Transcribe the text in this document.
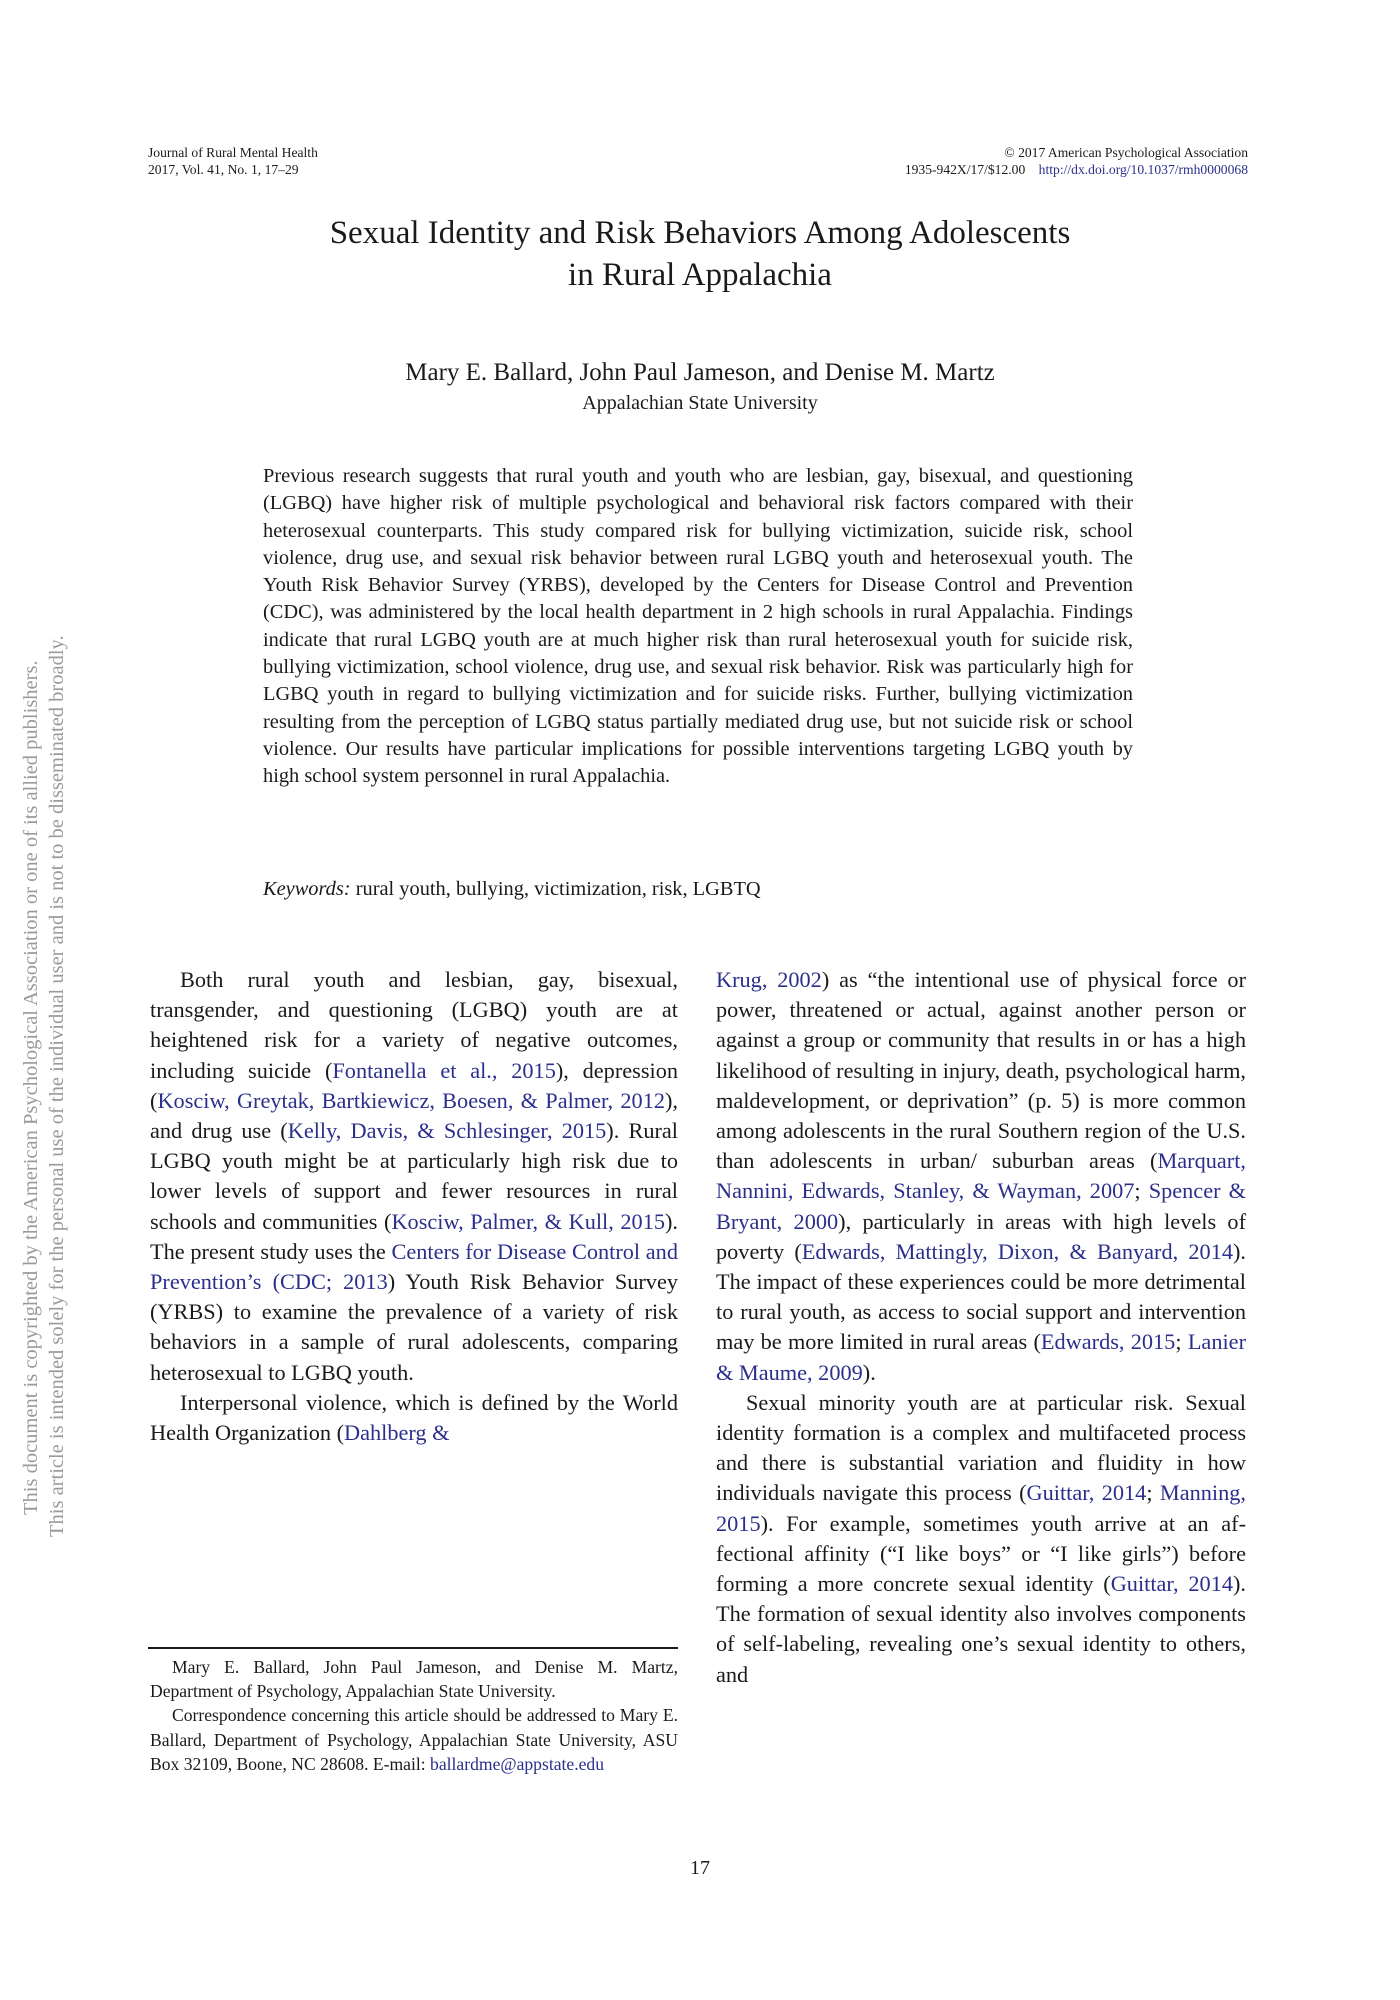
This document is copyrighted by the American Psychological Association or one of its allied publishers. This article is intended solely for the personal use of the individual user and is not to be disseminated broadly.
Journal of Rural Mental Health
2017, Vol. 41, No. 1, 17–29
© 2017 American Psychological Association
1935-942X/17/$12.00 http://dx.doi.org/10.1037/rmh0000068
Sexual Identity and Risk Behaviors Among Adolescents
in Rural Appalachia
Mary E. Ballard, John Paul Jameson, and Denise M. Martz
Appalachian State University
Previous research suggests that rural youth and youth who are lesbian, gay, bisexual, and questioning (LGBQ) have higher risk of multiple psychological and behavioral risk factors compared with their heterosexual counterparts. This study compared risk for bullying victimization, suicide risk, school violence, drug use, and sexual risk behavior between rural LGBQ youth and heterosexual youth. The Youth Risk Behavior Survey (YRBS), developed by the Centers for Disease Control and Prevention (CDC), was administered by the local health department in 2 high schools in rural Appalachia. Findings indicate that rural LGBQ youth are at much higher risk than rural heterosexual youth for suicide risk, bullying victimization, school violence, drug use, and sexual risk behavior. Risk was particularly high for LGBQ youth in regard to bullying victimization and for suicide risks. Further, bullying victimization resulting from the perception of LGBQ status partially mediated drug use, but not suicide risk or school violence. Our results have particular implications for possible interventions targeting LGBQ youth by high school system personnel in rural Appalachia.
Keywords: rural youth, bullying, victimization, risk, LGBTQ

Both rural youth and lesbian, gay, bisexual, transgender, and questioning (LGBQ) youth are at heightened risk for a variety of negative outcomes, including suicide (Fontanella et al., 2015), depression (Kosciw, Greytak, Bartkiewicz, Boesen, & Palmer, 2012), and drug use (Kelly, Davis, & Schlesinger, 2015). Rural LGBQ youth might be at particularly high risk due to lower levels of support and fewer resources in rural schools and communities (Kosciw, Palmer, & Kull, 2015). The present study uses the Centers for Disease Control and Prevention’s (CDC; 2013) Youth Risk Behavior Survey (YRBS) to examine the prevalence of a variety of risk behaviors in a sample of rural adolescents, comparing heterosexual to LGBQ youth.

Interpersonal violence, which is defined by the World Health Organization (Dahlberg &

Krug, 2002) as “the intentional use of physical force or power, threatened or actual, against another person or against a group or community that results in or has a high likelihood of resulting in injury, death, psychological harm, maldevelopment, or deprivation” (p. 5) is more common among adolescents in the rural Southern region of the U.S. than adolescents in urban/ suburban areas (Marquart, Nannini, Edwards, Stanley, & Wayman, 2007; Spencer & Bryant, 2000), particularly in areas with high levels of poverty (Edwards, Mattingly, Dixon, & Banyard, 2014). The impact of these experiences could be more detrimental to rural youth, as access to social support and intervention may be more limited in rural areas (Edwards, 2015; Lanier & Maume, 2009).

Sexual minority youth are at particular risk. Sexual identity formation is a complex and multifaceted process and there is substantial variation and fluidity in how individuals navigate this process (Guittar, 2014; Manning, 2015). For example, sometimes youth arrive at an affectional affinity (“I like boys” or “I like girls”) before forming a more concrete sexual identity (Guittar, 2014). The formation of sexual identity also involves components of self-labeling, revealing one’s sexual identity to others, and

Mary E. Ballard, John Paul Jameson, and Denise M. Martz, Department of Psychology, Appalachian State University.

Correspondence concerning this article should be addressed to Mary E. Ballard, Department of Psychology, Appalachian State University, ASU Box 32109, Boone, NC 28608. E-mail: ballardme@appstate.edu

17
